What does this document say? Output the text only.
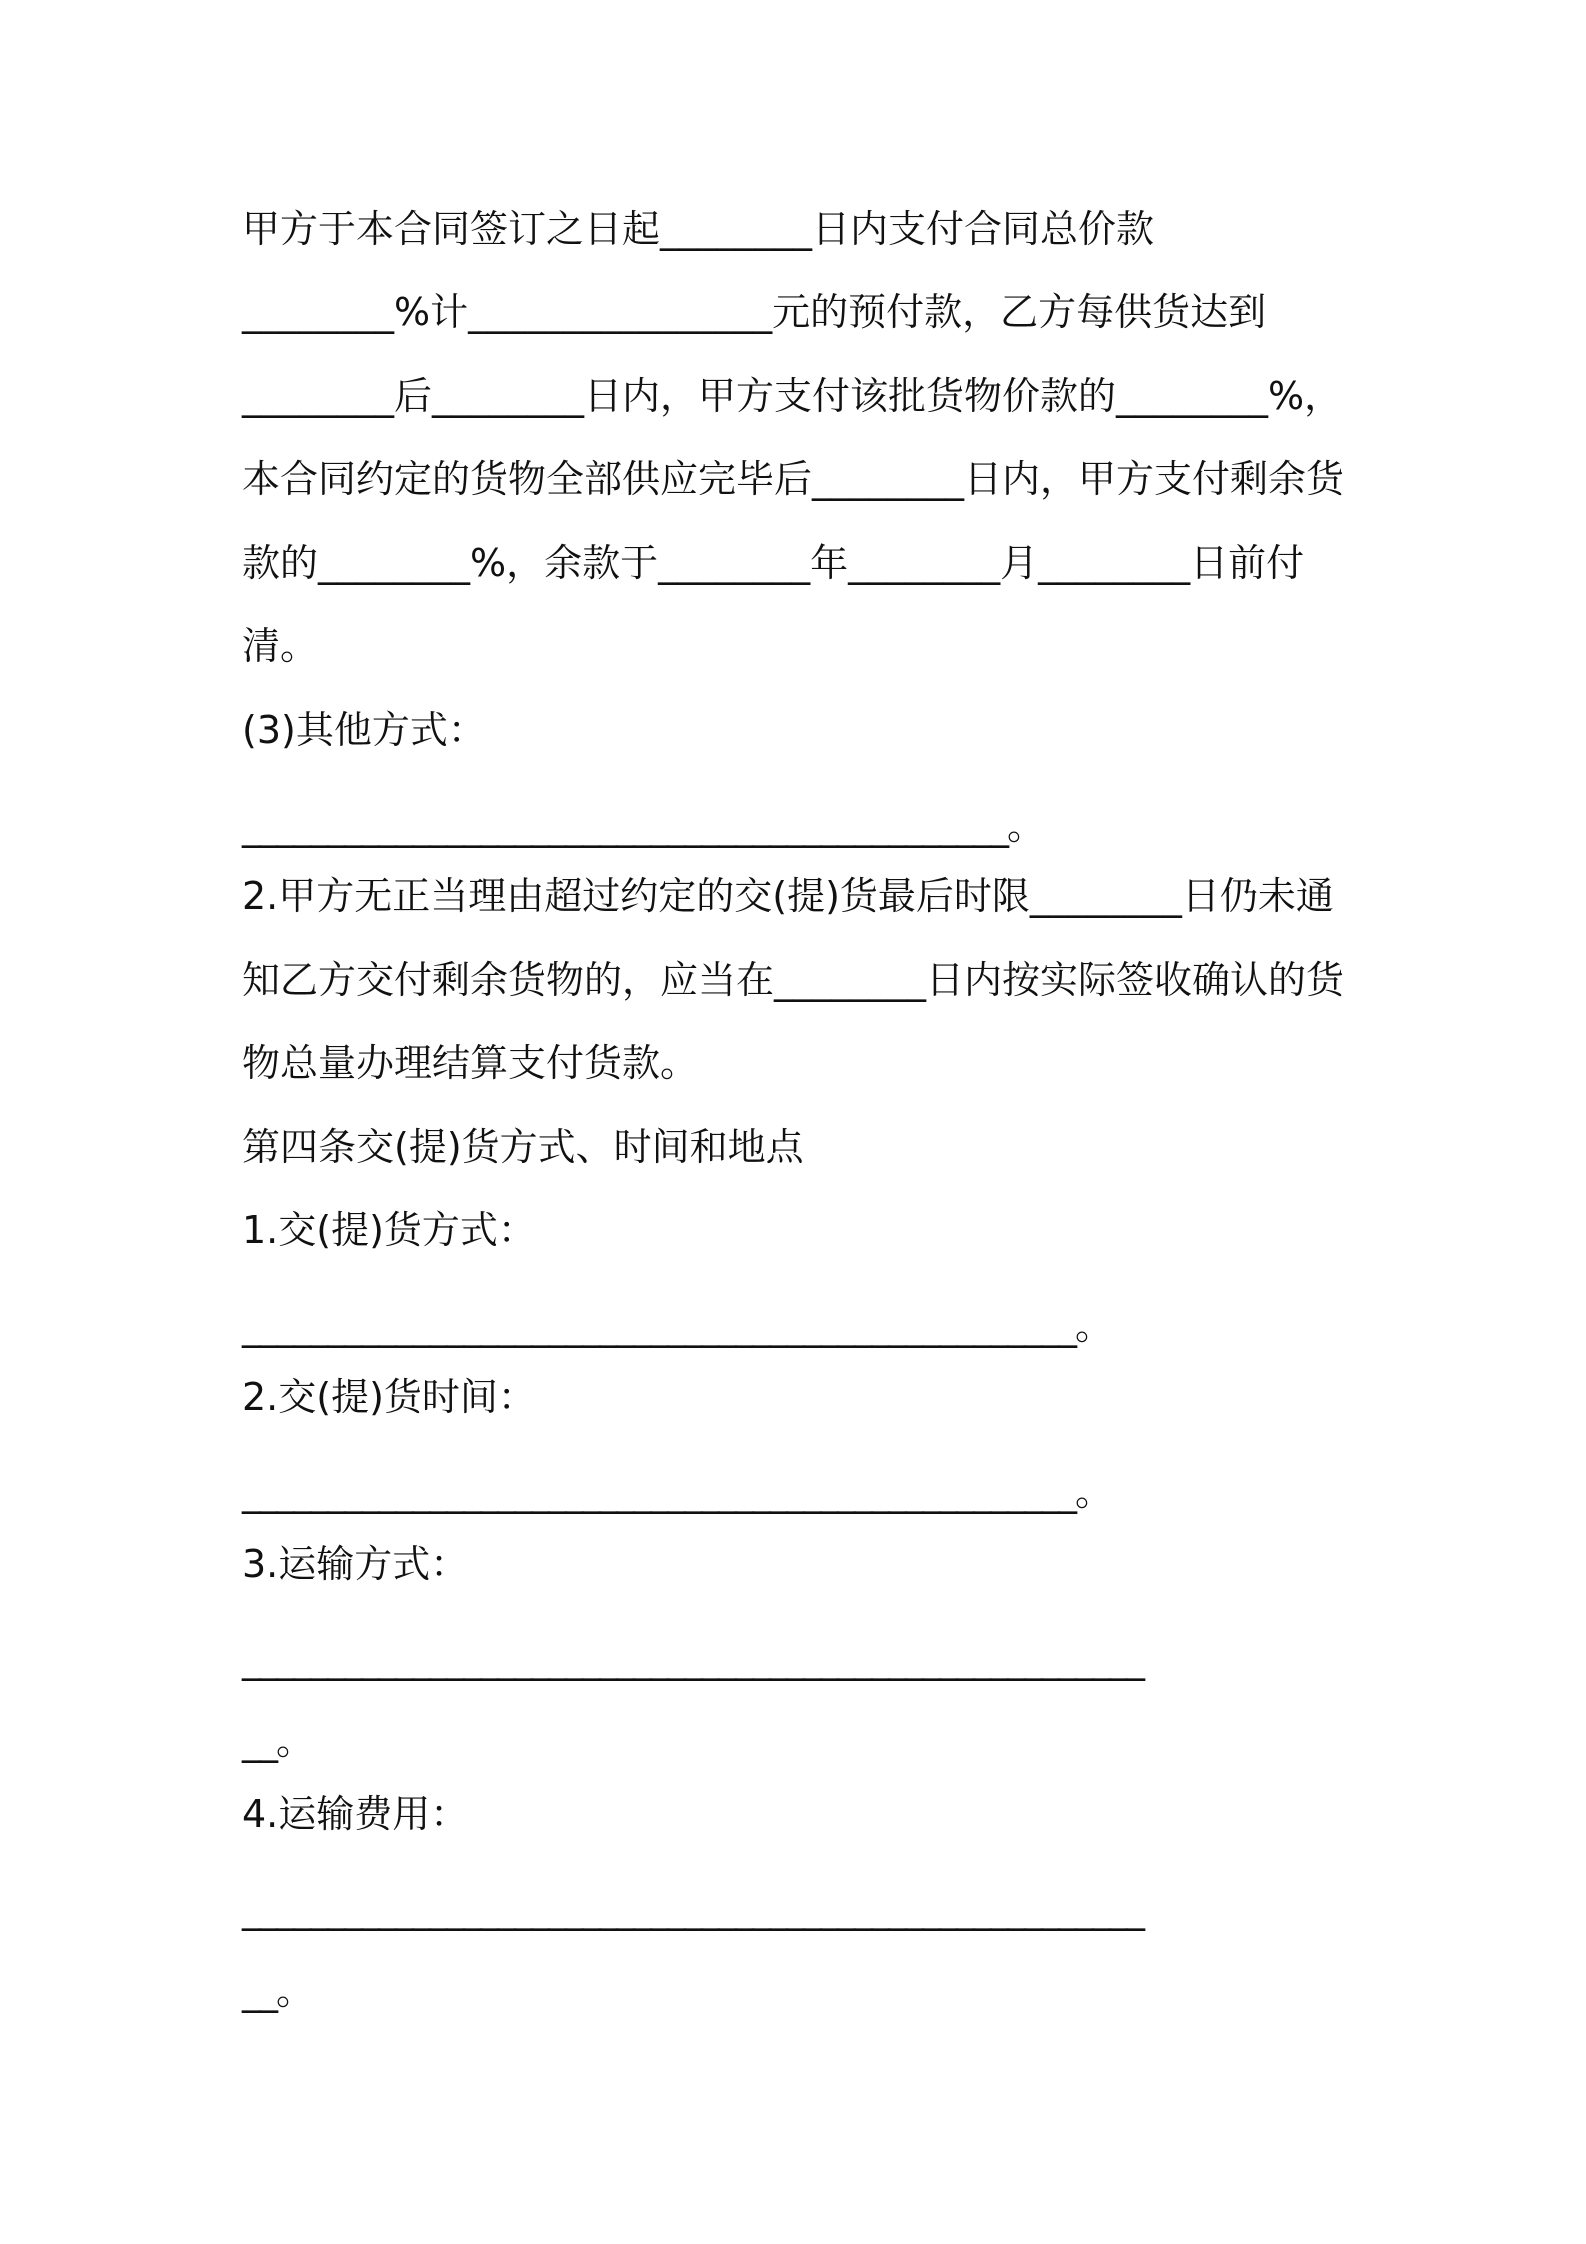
甲方于本合同签订之日起________日内支付合同总价款
________%计________________元的预付款，乙方每供货达到
________后________日内，甲方支付该批货物价款的________%，
本合同约定的货物全部供应完毕后________日内，甲方支付剩余货
款的________%，余款于________年________月________日前付
清。
(3)其他方式：
_____________________________________________。
2.甲方无正当理由超过约定的交(提)货最后时限________日仍未通
知乙方交付剩余货物的，应当在________日内按实际签收确认的货
物总量办理结算支付货款。
第四条交(提)货方式、时间和地点
1.交(提)货方式：
_________________________________________________。
2.交(提)货时间：
_________________________________________________。
3.运输方式：
_____________________________________________________
__。
4.运输费用：
_____________________________________________________
__。
